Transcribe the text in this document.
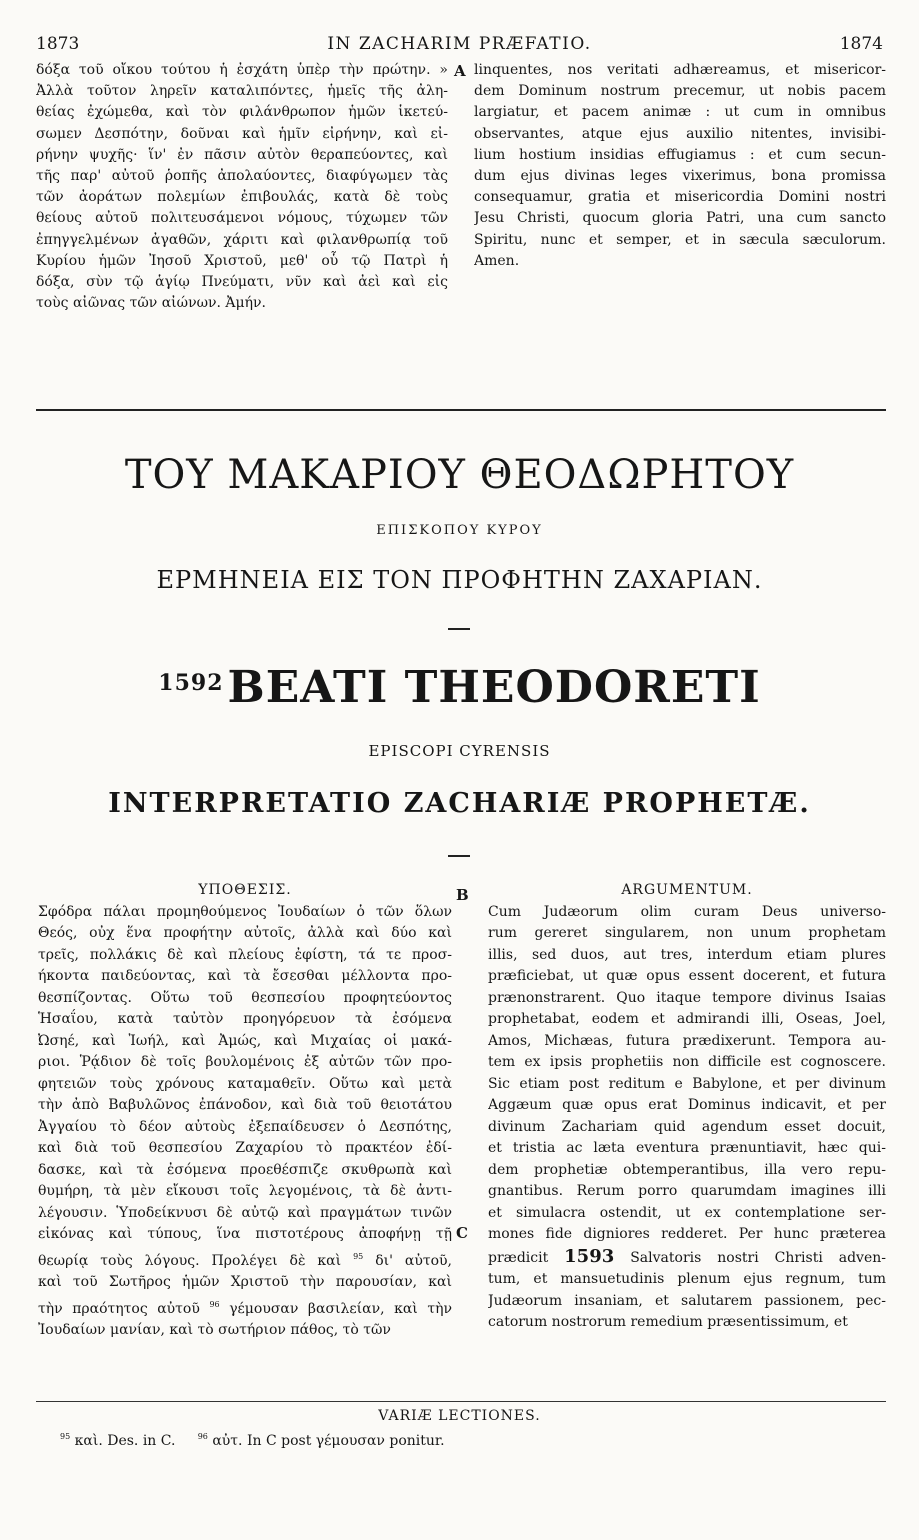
1873	IN ZACHARIM PRÆFATIO.	1874
δόξα τοῦ οἴκου τούτου ἡ ἐσχάτη ὑπὲρ τὴν πρώτην. »
Ἀλλὰ τοῦτον ληρεῖν καταλιπόντες, ἡμεῖς τῆς ἀλη-
θείας ἐχώμεθα, καὶ τὸν φιλάνθρωπον ἡμῶν ἱκετεύ-
σωμεν Δεσπότην, δοῦναι καὶ ἡμῖν εἰρήνην, καὶ εἰ-
ρήνην ψυχῆς· ἵν' ἐν πᾶσιν αὐτὸν θεραπεύοντες, καὶ
τῆς παρ' αὐτοῦ ῥοπῆς ἀπολαύοντες, διαφύγωμεν τὰς
τῶν ἀοράτων πολεμίων ἐπιβουλάς, κατὰ δὲ τοὺς
θείους αὐτοῦ πολιτευσάμενοι νόμους, τύχωμεν τῶν
ἐπηγγελμένων ἀγαθῶν, χάριτι καὶ φιλανθρωπίᾳ τοῦ
Κυρίου ἡμῶν Ἰησοῦ Χριστοῦ, μεθ' οὗ τῷ Πατρὶ ἡ
δόξα, σὺν τῷ ἁγίῳ Πνεύματι, νῦν καὶ ἀεὶ καὶ εἰς
τοὺς αἰῶνας τῶν αἰώνων. Ἀμήν.
A linquentes, nos veritati adhæreamus, et misericor-
dem Dominum nostrum precemur, ut nobis pacem
largiatur, et pacem animæ : ut cum in omnibus
observantes, atque ejus auxilio nitentes, invisibi-
lium hostium insidias effugiamus : et cum secun-
dum ejus divinas leges vixerimus, bona promissa
consequamur, gratia et misericordia Domini nostri
Jesu Christi, quocum gloria Patri, una cum sancto
Spiritu, nunc et semper, et in sæcula sæculorum.
Amen.
ΤΟΥ ΜΑΚΑΡΙΟΥ ΘΕΟΔΩΡΗΤΟΥ
ΕΠΙΣΚΟΠΟΥ ΚΥΡΟΥ
ΕΡΜΗΝΕΙΑ ΕΙΣ ΤΟΝ ΠΡΟΦΗΤΗΝ ΖΑΧΑΡΙΑΝ.
$^{1592}$BEATI THEODORETI
EPISCOPI CYRENSIS
INTERPRETATIO ZACHARIÆ PROPHETÆ.
ΥΠΟΘΕΣΙΣ.
Σφόδρα πάλαι προμηθούμενος Ἰουδαίων ὁ τῶν ὅλων
Θεός, οὐχ ἕνα προφήτην αὐτοῖς, ἀλλὰ καὶ δύο καὶ
τρεῖς, πολλάκις δὲ καὶ πλείους ἐφίστη, τά τε προσ-
ήκοντα παιδεύοντας, καὶ τὰ ἔσεσθαι μέλλοντα προ-
θεσπίζοντας. Οὕτω τοῦ θεσπεσίου προφητεύοντος
Ἡσαΐου, κατὰ ταὐτὸν προηγόρευον τὰ ἐσόμενα
Ὠσηέ, καὶ Ἰωήλ, καὶ Ἀμώς, καὶ Μιχαίας οἱ μακά-
ριοι. Ῥᾴδιον δὲ τοῖς βουλομένοις ἐξ αὐτῶν τῶν προ-
φητειῶν τοὺς χρόνους καταμαθεῖν. Οὕτω καὶ μετὰ
τὴν ἀπὸ Βαβυλῶνος ἐπάνοδον, καὶ διὰ τοῦ θειοτάτου
Ἀγγαίου τὸ δέον αὐτοὺς ἐξεπαίδευσεν ὁ Δεσπότης,
καὶ διὰ τοῦ θεσπεσίου Ζαχαρίου τὸ πρακτέον ἐδί-
δασκε, καὶ τὰ ἐσόμενα προεθέσπιζε σκυθρωπὰ καὶ
θυμήρη, τὰ μὲν εἴκουσι τοῖς λεγομένοις, τὰ δὲ ἀντι-
λέγουσιν. Ὑποδείκνυσι δὲ αὐτῷ καὶ πραγμάτων τινῶν
εἰκόνας καὶ τύπους, ἵνα πιστοτέρους ἀποφήνῃ τῇ
θεωρίᾳ τοὺς λόγους. Προλέγει δὲ καὶ $^{95}$ δι' αὐτοῦ,
καὶ τοῦ Σωτῆρος ἡμῶν Χριστοῦ τὴν παρουσίαν, καὶ
τὴν πραότητος αὐτοῦ $^{96}$ γέμουσαν βασιλείαν, καὶ τὴν
Ἰουδαίων μανίαν, καὶ τὸ σωτήριον πάθος, τὸ τῶν
B
C
ARGUMENTUM.
Cum Judæorum olim curam Deus universo-
rum gereret singularem, non unum prophetam
illis, sed duos, aut tres, interdum etiam plures
præficiebat, ut quæ opus essent docerent, et futura
prænonstrarent. Quo itaque tempore divinus Isaias
prophetabat, eodem et admirandi illi, Oseas, Joel,
Amos, Michæas, futura prædixerunt. Tempora au-
tem ex ipsis prophetiis non difficile est cognoscere.
Sic etiam post reditum e Babylone, et per divinum
Aggæum quæ opus erat Dominus indicavit, et per
divinum Zachariam quid agendum esset docuit,
et tristia ac læta eventura prænuntiavit, hæc qui-
dem prophetiæ obtemperantibus, illa vero repu-
gnantibus. Rerum porro quarumdam imagines illi
et simulacra ostendit, ut ex contemplatione ser-
mones fide digniores redderet. Per hunc præterea
prædicit 1593 Salvatoris nostri Christi adven-
tum, et mansuetudinis plenum ejus regnum, tum
Judæorum insaniam, et salutarem passionem, pec-
catorum nostrorum remedium præsentissimum, et
VARIÆ LECTIONES.
$^{95}$ καὶ. Des. in C.	$^{96}$ αὐτ. In C post γέμουσαν ponitur.
